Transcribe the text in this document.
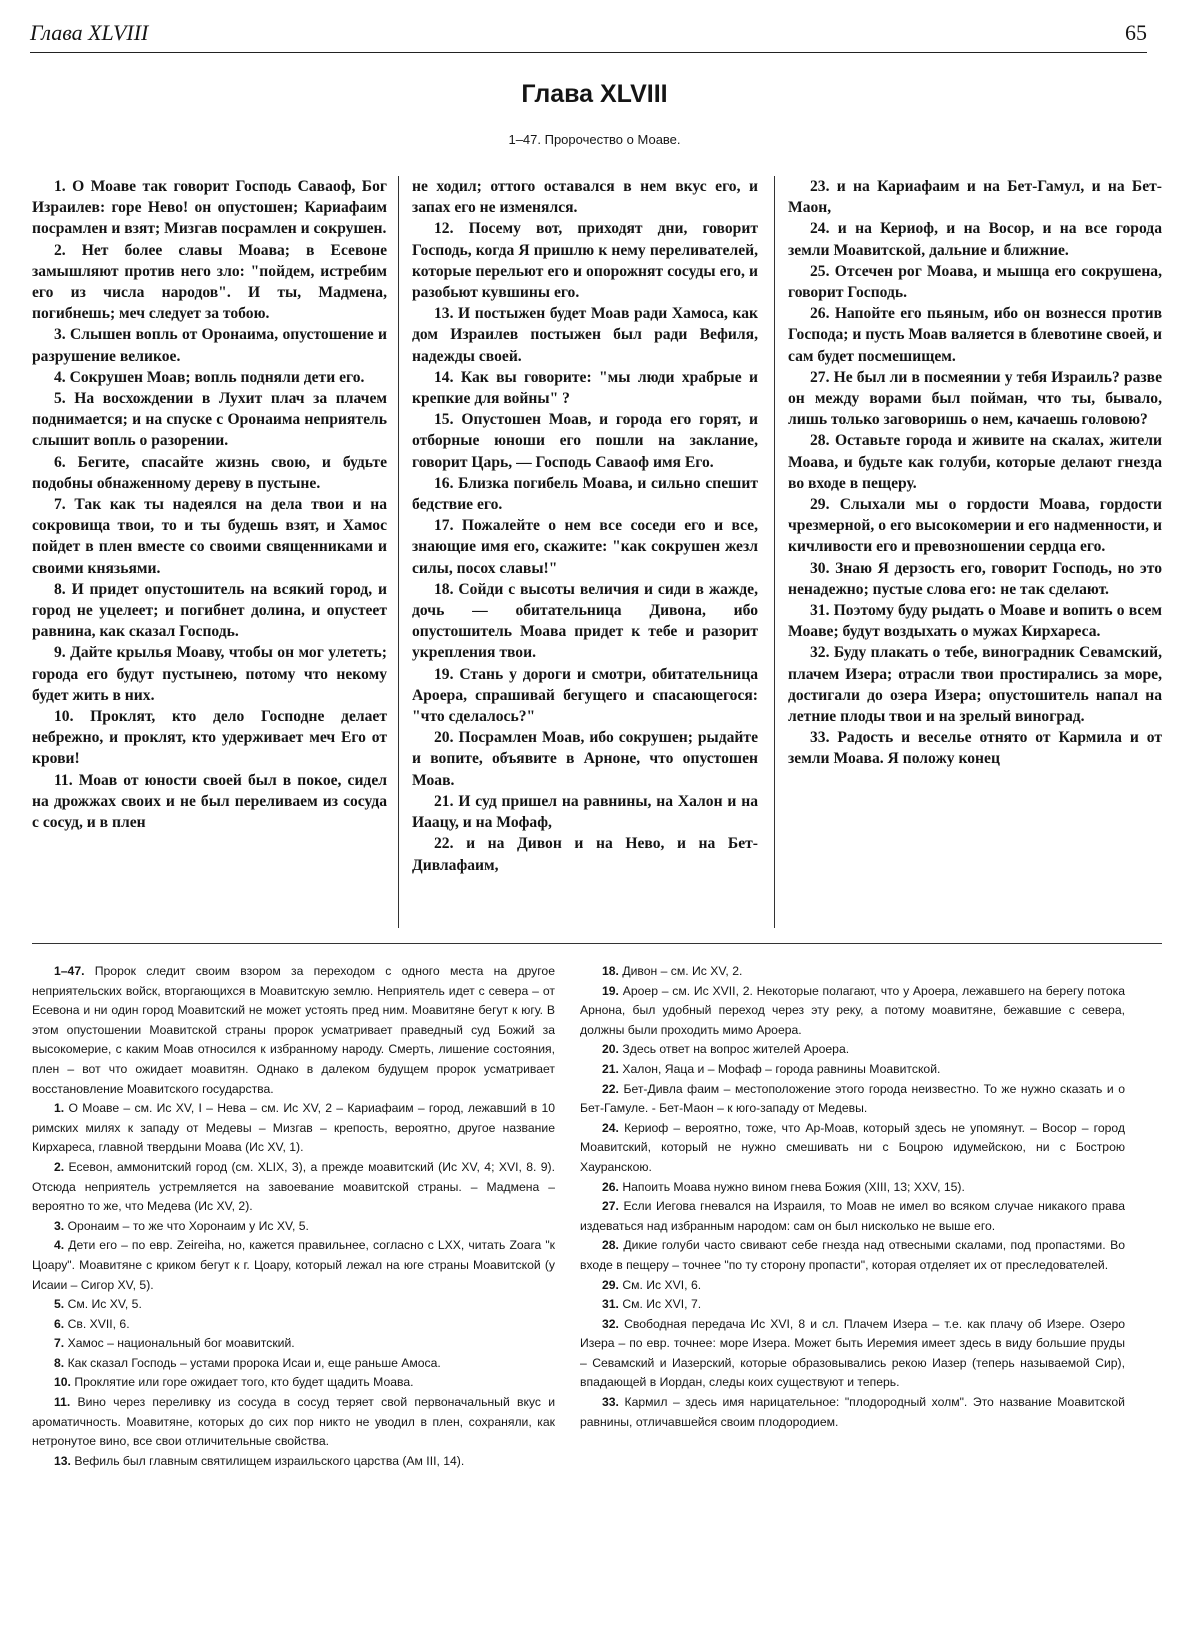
Глава XLVIII	65
Глава XLVIII
1–47. Пророчество о Моаве.

1. О Моаве так говорит Господь Саваоф, Бог Израилев: горе Нево! он опустошен; Кариафаим посрамлен и взят; Мизгав посрамлен и сокрушен.

2. Нет более славы Моава; в Есевоне замышляют против него зло: "пойдем, истребим его из числа народов". И ты, Мадмена, погибнешь; меч следует за тобою.

3. Слышен вопль от Оронаима, опустошение и разрушение великое.

4. Сокрушен Моав; вопль подняли дети его.

5. На восхождении в Лухит плач за плачем поднимается; и на спуске с Оронаима неприятель слышит вопль о разорении.

6. Бегите, спасайте жизнь свою, и будьте подобны обнаженному дереву в пустыне.

7. Так как ты надеялся на дела твои и на сокровища твои, то и ты будешь взят, и Хамос пойдет в плен вместе со своими священниками и своими князьями.

8. И придет опустошитель на всякий город, и город не уцелеет; и погибнет долина, и опустеет равнина, как сказал Господь.

9. Дайте крылья Моаву, чтобы он мог улететь; города его будут пустынею, потому что некому будет жить в них.

10. Проклят, кто дело Господне делает небрежно, и проклят, кто удерживает меч Его от крови!

11. Моав от юности своей был в покое, сидел на дрожжах своих и не был переливаем из сосуда с сосуд, и в плен

не ходил; оттого оставался в нем вкус его, и запах его не изменялся.

12. Посему вот, приходят дни, говорит Господь, когда Я пришлю к нему переливателей, которые перельют его и опорожнят сосуды его, и разобьют кувшины его.

13. И постыжен будет Моав ради Хамоса, как дом Израилев постыжен был ради Вефиля, надежды своей.

14. Как вы говорите: "мы люди храбрые и крепкие для войны" ?

15. Опустошен Моав, и города его горят, и отборные юноши его пошли на заклание, говорит Царь, — Господь Саваоф имя Его.

16. Близка погибель Моава, и сильно спешит бедствие его.

17. Пожалейте о нем все соседи его и все, знающие имя его, скажите: "как сокрушен жезл силы, посох славы!"

18. Сойди с высоты величия и сиди в жажде, дочь — обитательница Дивона, ибо опустошитель Моава придет к тебе и разорит укрепления твои.

19. Стань у дороги и смотри, обитательница Ароера, спрашивай бегущего и спасающегося: "что сделалось?"

20. Посрамлен Моав, ибо сокрушен; рыдайте и вопите, объявите в Арноне, что опустошен Моав.

21. И суд пришел на равнины, на Халон и на Иаацу, и на Мофаф,

22. и на Дивон и на Нево, и на Бет-Дивлафаим,

23. и на Кариафаим и на Бет-Гамул, и на Бет-Маон,

24. и на Кериоф, и на Восор, и на все города земли Моавитской, дальние и ближние.

25. Отсечен рог Моава, и мышца его сокрушена, говорит Господь.

26. Напойте его пьяным, ибо он вознесся против Господа; и пусть Моав валяется в блевотине своей, и сам будет посмешищем.

27. Не был ли в посмеянии у тебя Израиль? разве он между ворами был пойман, что ты, бывало, лишь только заговоришь о нем, качаешь головою?

28. Оставьте города и живите на скалах, жители Моава, и будьте как голуби, которые делают гнезда во входе в пещеру.

29. Слыхали мы о гордости Моава, гордости чрезмерной, о его высокомерии и его надменности, и кичливости его и превозношении сердца его.

30. Знаю Я дерзость его, говорит Господь, но это ненадежно; пустые слова его: не так сделают.

31. Поэтому буду рыдать о Моаве и вопить о всем Моаве; будут воздыхать о мужах Кирхареса.

32. Буду плакать о тебе, виноградник Севамский, плачем Изера; отрасли твои простирались за море, достигали до озера Изера; опустошитель напал на летние плоды твои и на зрелый виноград.

33. Радость и веселье отнято от Кармила и от земли Моава. Я положу конец

1–47. Пророк следит своим взором за переходом с одного места на другое неприятельских войск, вторгающихся в Моавитскую землю. Неприятель идет с севера – от Есевона и ни один город Моавитский не может устоять пред ним. Моавитяне бегут к югу. В этом опустошении Моавитской страны пророк усматривает праведный суд Божий за высокомерие, с каким Моав относился к избранному народу. Смерть, лишение состояния, плен – вот что ожидает моавитян. Однако в далеком будущем пророк усматривает восстановление Моавитского государства.

1. О Моаве – см. Ис XV, I – Нева – см. Ис XV, 2 – Кариафаим – город, лежавший в 10 римских милях к западу от Медевы – Мизгав – крепость, вероятно, другое название Кирхареса, главной твердыни Моава (Ис XV, 1).

2. Есевон, аммонитский город (см. XLIX, 3), а прежде моавитский (Ис XV, 4; XVI, 8. 9). Отсюда неприятель устремляется на завоевание моавитской страны. – Мадмена – вероятно то же, что Медева (Ис XV, 2).

3. Оронаим – то же что Хоронаим у Ис XV, 5.

4. Дети его – по евр. Zeireiha, но, кажется правильнее, согласно с LXX, читать Zoara "к Цоару". Моавитяне с криком бегут к г. Цоару, который лежал на юге страны Моавитской (у Исаии – Сигор XV, 5).

5. См. Ис XV, 5.

6. Св. XVII, 6.

7. Хамос – национальный бог моавитский.

8. Как сказал Господь – устами пророка Исаи и, еще раньше Амоса.

10. Проклятие или горе ожидает того, кто будет щадить Моава.

11. Вино через переливку из сосуда в сосуд теряет свой первоначальный вкус и ароматичность. Моавитяне, которых до сих пор никто не уводил в плен, сохраняли, как нетронутое вино, все свои отличительные свойства.

13. Вефиль был главным святилищем израильского царства (Ам III, 14).

18. Дивон – см. Ис XV, 2.

19. Ароер – см. Ис XVII, 2. Некоторые полагают, что у Ароера, лежавшего на берегу потока Арнона, был удобный переход через эту реку, а потому моавитяне, бежавшие с севера, должны были проходить мимо Ароера.

20. Здесь ответ на вопрос жителей Ароера.

21. Халон, Яаца и – Мофаф – города равнины Моавитской.

22. Бет-Дивла фаим – местоположение этого города неизвестно. То же нужно сказать и о Бет-Гамуле. - Бет-Маон – к юго-западу от Медевы.

24. Кериоф – вероятно, тоже, что Ар-Моав, который здесь не упомянут. – Восор – город Моавитский, который не нужно смешивать ни с Боцрою идумейскою, ни с Бострою Хауранскою.

26. Напоить Моава нужно вином гнева Божия (XIII, 13; XXV, 15).

27. Если Иегова гневался на Израиля, то Моав не имел во всяком случае никакого права издеваться над избранным народом: сам он был нисколько не выше его.

28. Дикие голуби часто свивают себе гнезда над отвесными скалами, под пропастями. Во входе в пещеру – точнее "по ту сторону пропасти", которая отделяет их от преследователей.

29. См. Ис XVI, 6.

31. См. Ис XVI, 7.

32. Свободная передача Ис XVI, 8 и сл. Плачем Изера – т.е. как плачу об Изере. Озеро Изера – по евр. точнее: море Изера. Может быть Иеремия имеет здесь в виду большие пруды – Севамский и Иазерский, которые образовывались рекою Иазер (теперь называемой Сир), впадающей в Иордан, следы коих существуют и теперь.

33. Кармил – здесь имя нарицательное: "плодородный холм". Это название Моавитской равнины, отличавшейся своим плодородием.
